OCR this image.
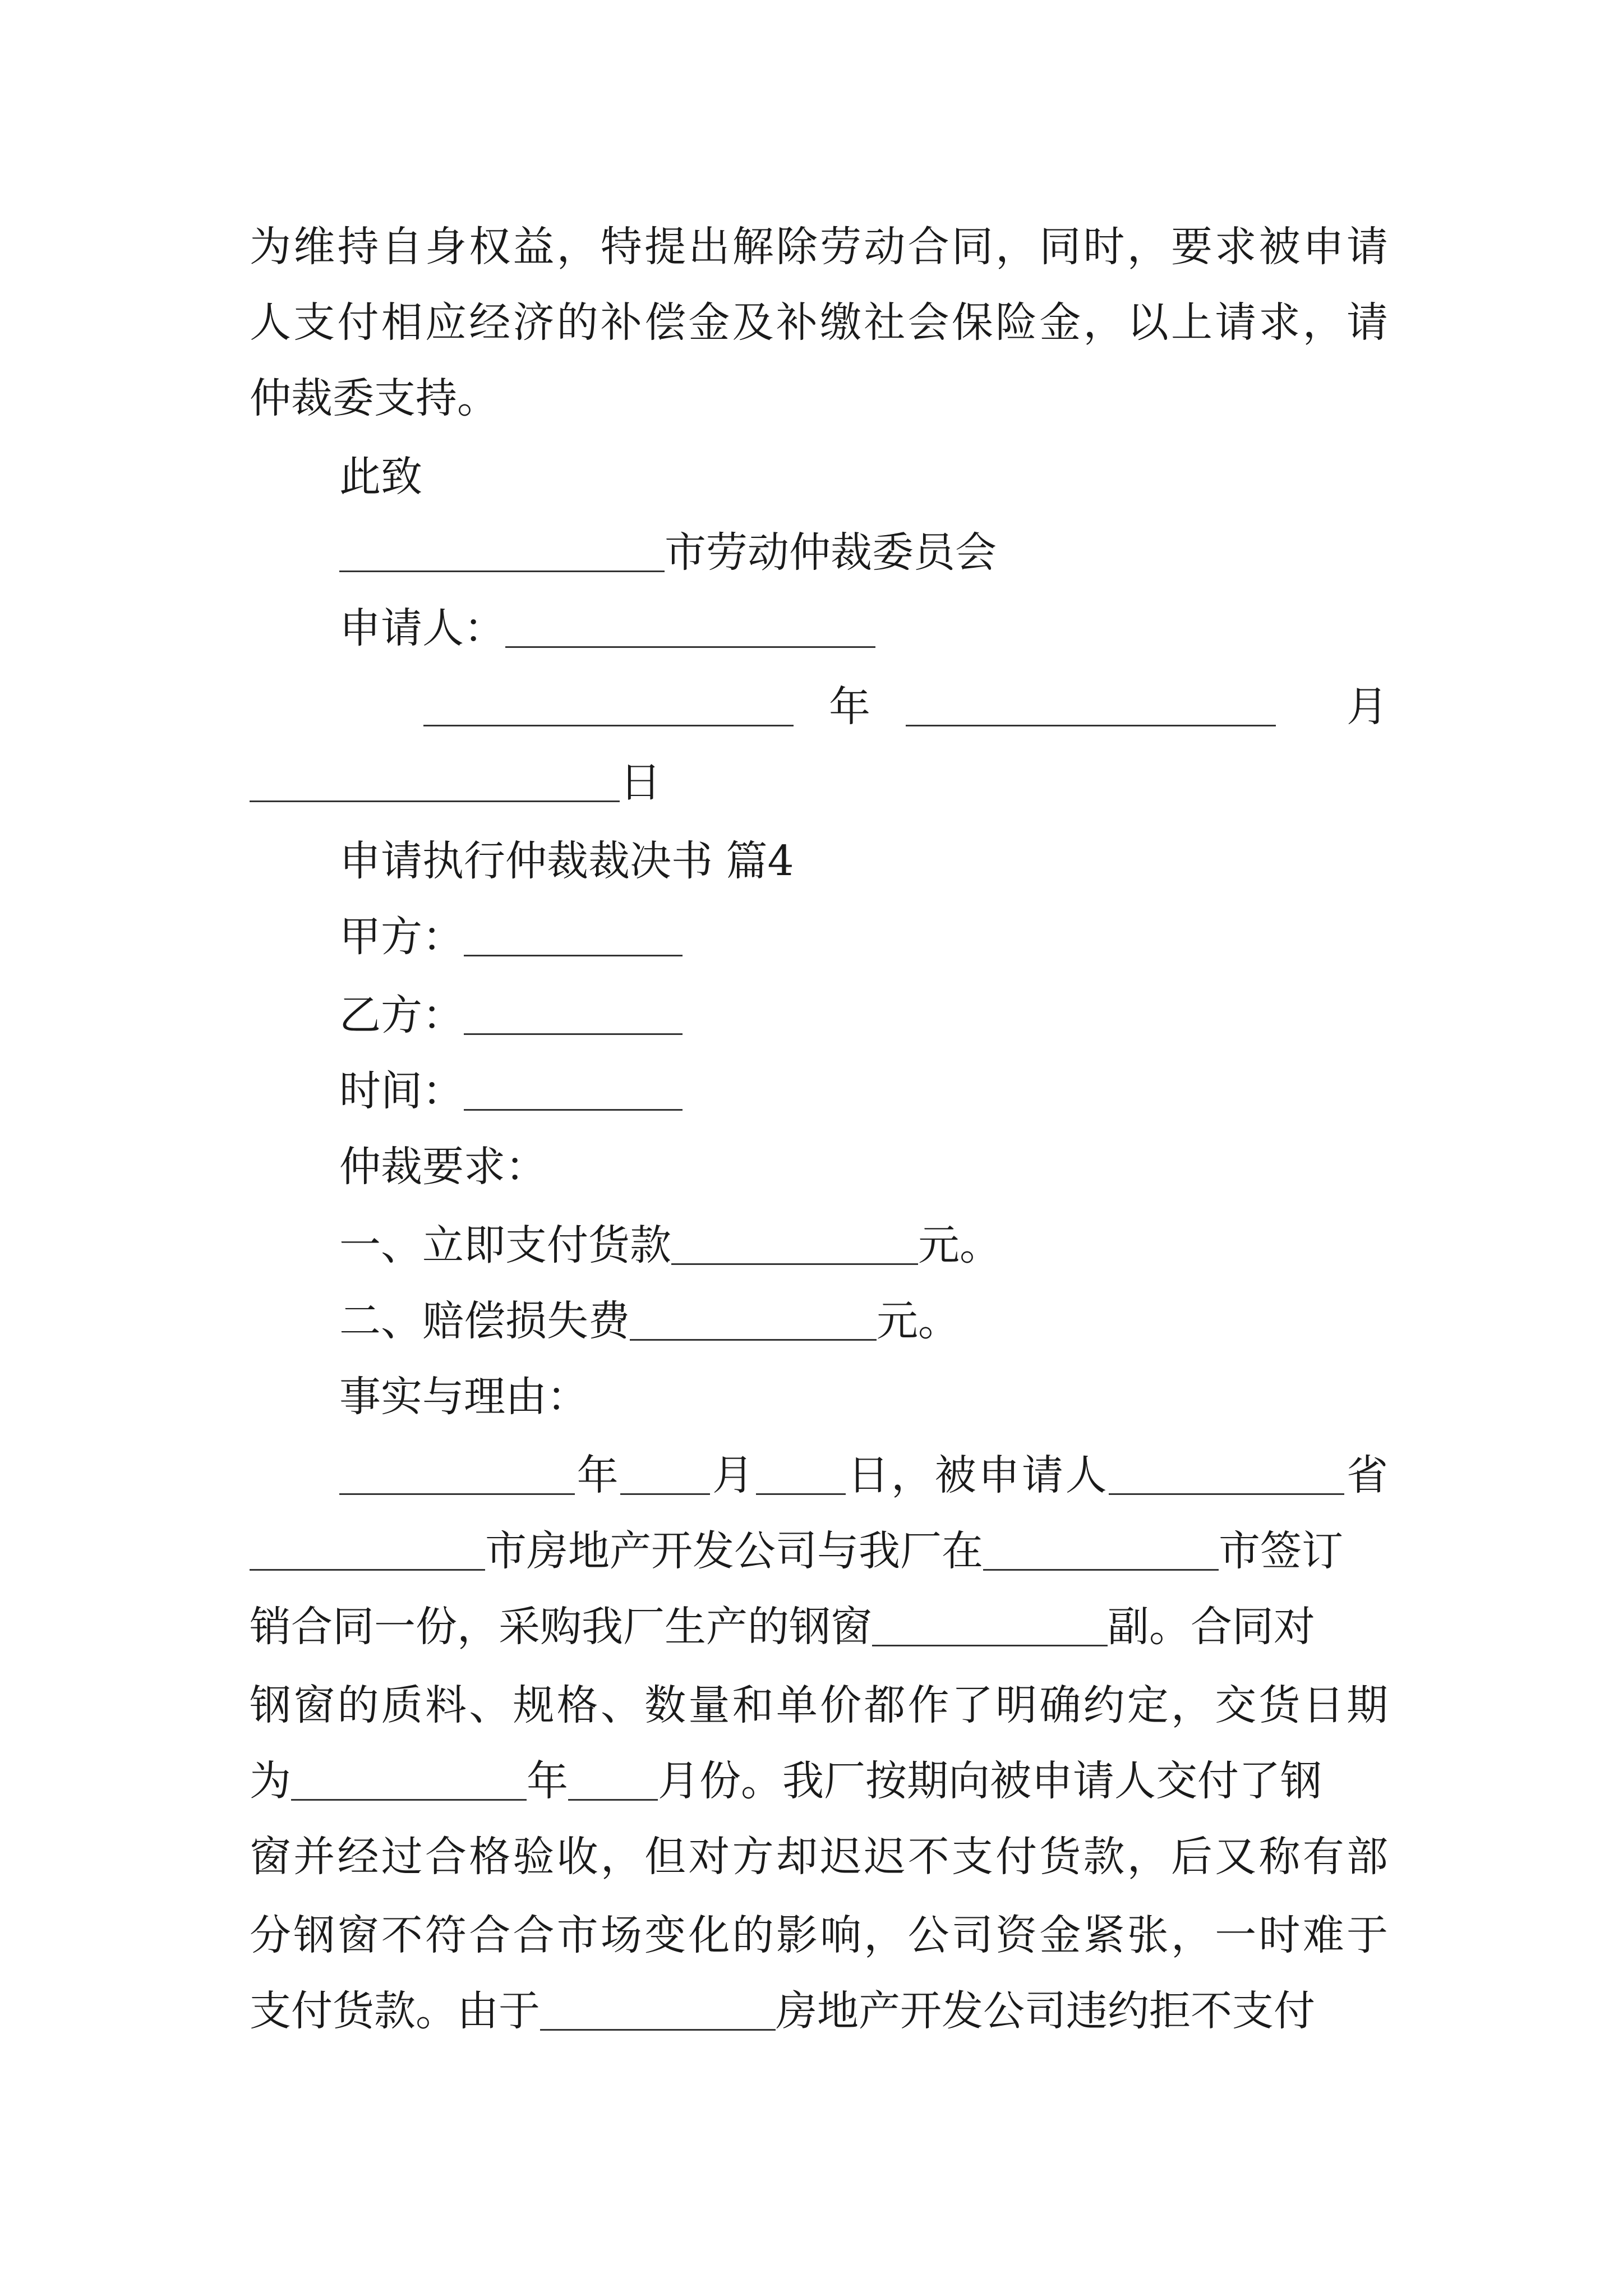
为维持自身权益，特提出解除劳动合同，同时，要求被申请
人支付相应经济的补偿金及补缴社会保险金，以上请求，请
仲裁委支持。
此致
市劳动仲裁委员会
申请人：
年	月
日
申请执行仲裁裁决书 篇4
甲方：
乙方：
时间：
仲裁要求：
一、立即支付货款	元。
二、赔偿损失费	元。
事实与理由：
年 月 日，被申请人	省
市房地产开发公司与我厂在	市签订
销合同一份，采购我厂生产的钢窗	副。合同对
钢窗的质料、规格、数量和单价都作了明确约定，交货日期
为	年 月份。我厂按期向被申请人交付了钢
窗并经过合格验收，但对方却迟迟不支付货款，后又称有部
分钢窗不符合合市场变化的影响，公司资金紧张，一时难于
支付货款。由于	房地产开发公司违约拒不支付
